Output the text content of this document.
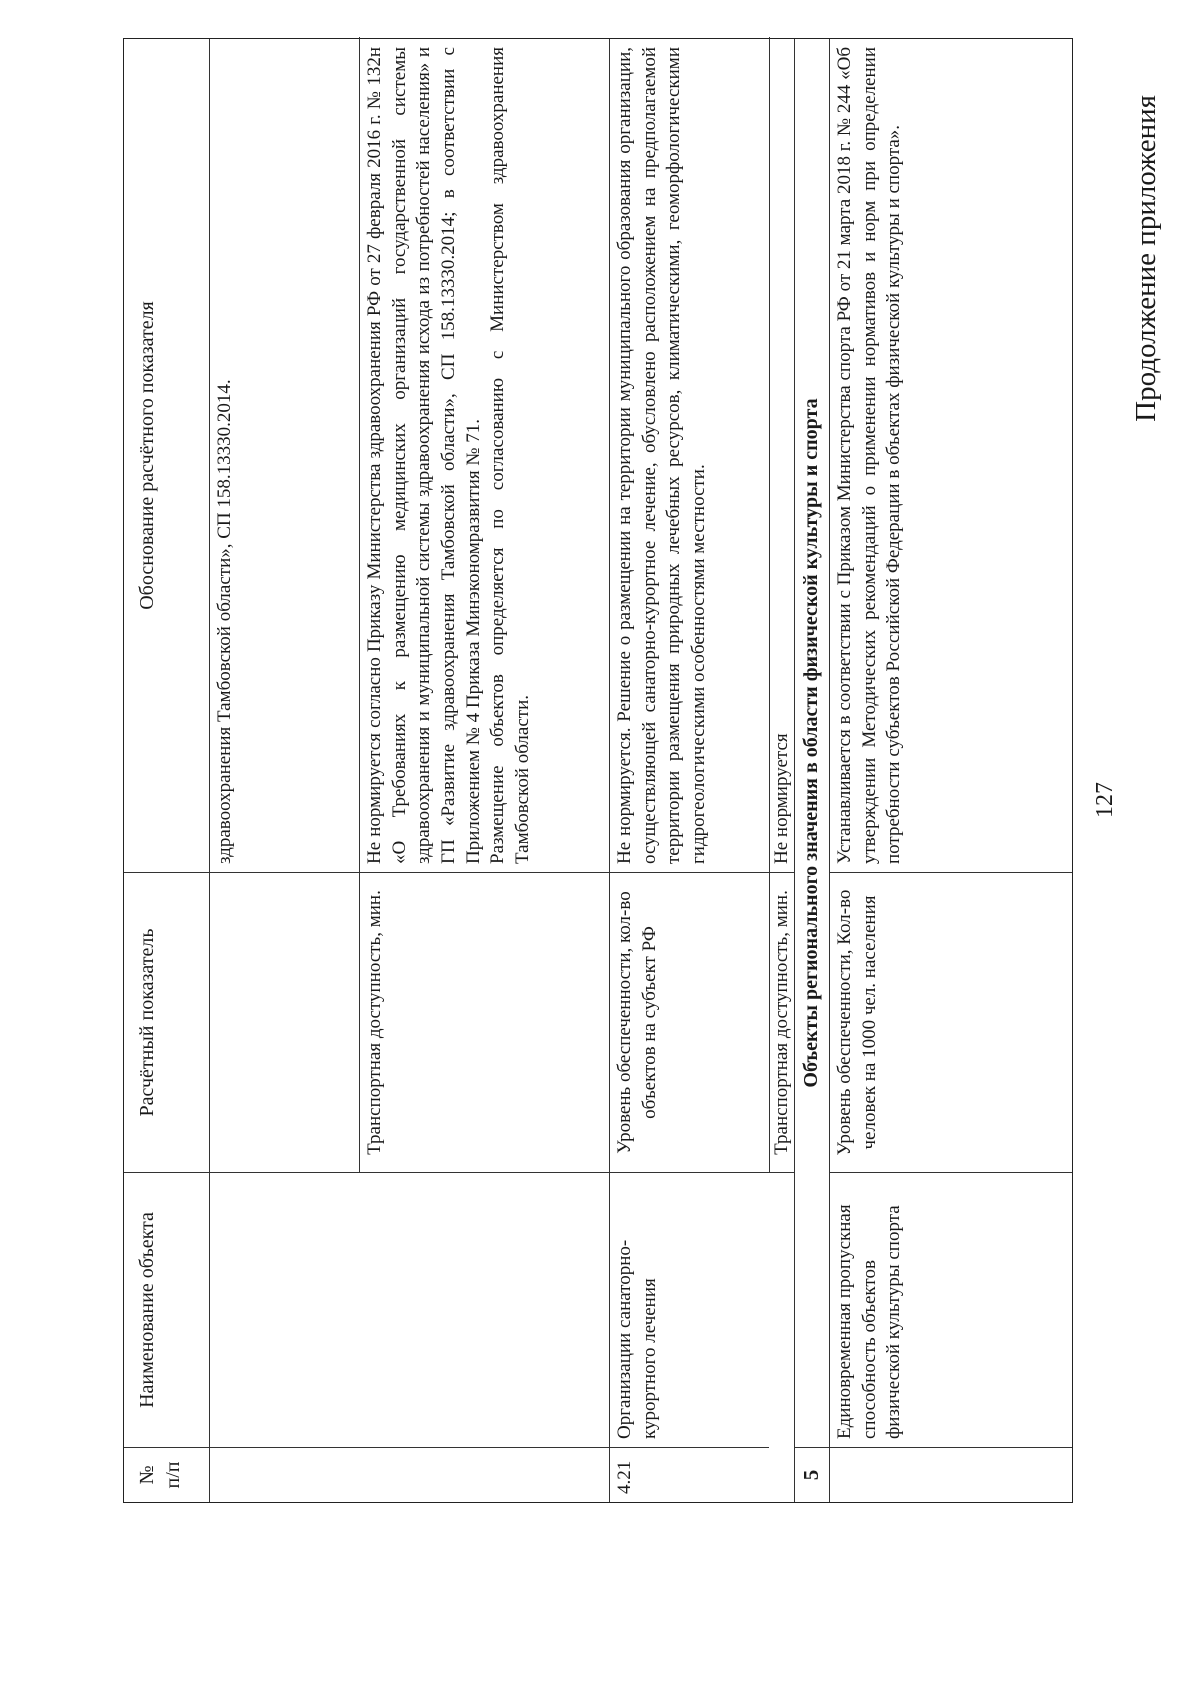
127
Продолжение приложения
№ п/п
Наименование объекта
Расчётный показатель
Обоснование расчётного показателя	здравоохранения Тамбовской области», СП 158.13330.2014.
Транспортная доступность, мин.
Не нормируется согласно Приказу Министерства здравоохранения РФ от 27 февраля 2016 г. № 132н «О Требованиях к размещению медицинских организаций государственной системы здравоохранения и муниципальной системы здравоохранения исхода из потребностей населения» и ГП «Развитие здравоохранения Тамбовской области», СП 158.13330.2014; в соответствии с Приложением № 4 Приказа Минэкономразвития № 71. Размещение объектов определяется по согласованию с Министерством здравоохранения Тамбовской области.
4.21
Организации санаторно-курортного лечения
Уровень обеспеченности, кол-во объектов на субъект РФ
Не нормируется. Решение о размещении на территории муниципального образования организации, осуществляющей санаторно-курортное лечение, обусловлено расположением на предполагаемой территории размещения природных лечебных ресурсов, климатическими, геоморфологическими гидрогеологическими особенностями местности.
Транспортная доступность, мин.
Не нормируется
5
Объекты регионального значения в области физической культуры и спорта
Единовременная пропускная способность объектов физической культуры спорта
Уровень обеспеченности, Кол-во человек на 1000 чел. населения
Устанавливается в соответствии с Приказом Министерства спорта РФ от 21 марта 2018 г. № 244 «Об утверждении Методических рекомендаций о применении нормативов и норм при определении потребности субъектов Российской Федерации в объектах физической культуры и спорта».
